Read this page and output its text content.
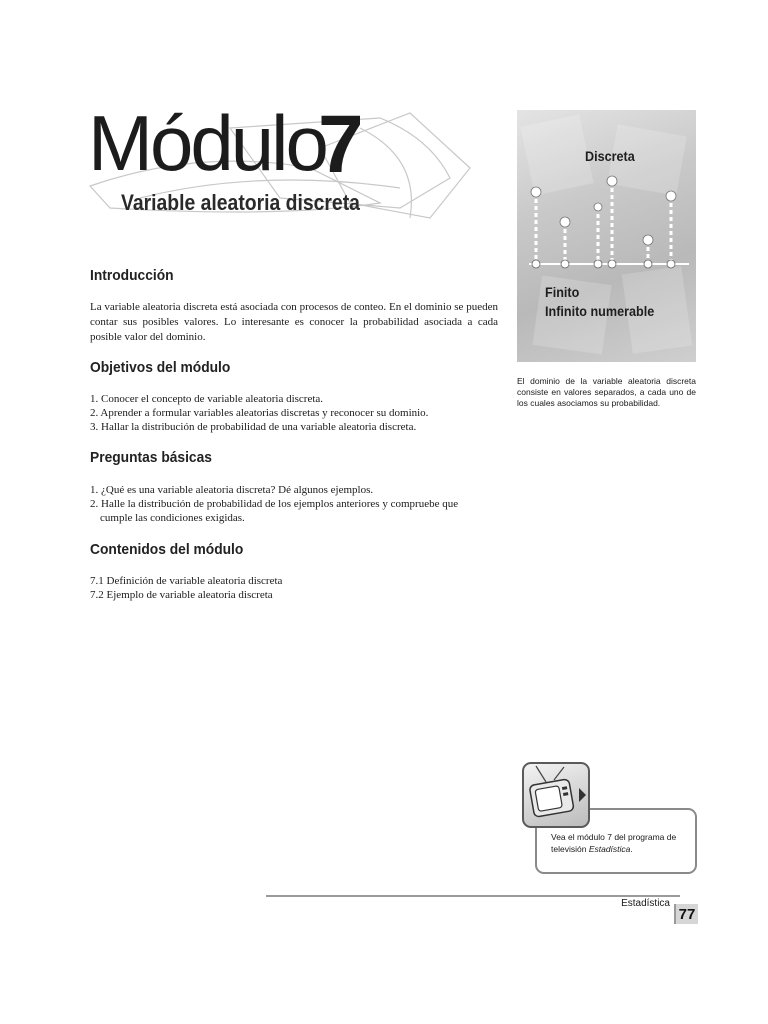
Módulo
7
Variable aleatoria discreta
Introducción
La variable aleatoria discreta está asociada con procesos de conteo. En el dominio se pueden contar sus posibles valores. Lo interesante es conocer la probabilidad asociada a cada posible valor del dominio.
Objetivos del módulo
1. Conocer el concepto de variable aleatoria discreta.
2. Aprender a formular variables aleatorias discretas y reconocer su dominio.
3. Hallar la distribución de probabilidad de una variable aleatoria discreta.
Preguntas básicas
1. ¿Qué es una variable aleatoria discreta? Dé algunos ejemplos.
2. Halle la distribución de probabilidad de los ejemplos anteriores y compruebe que
cumple las condiciones exigidas.
Contenidos del módulo
7.1 Definición de variable aleatoria discreta
7.2 Ejemplo de variable aleatoria discreta
Discreta
Finito
Infinito numerable
El dominio de la variable aleatoria discreta consiste en valores separados, a cada uno de los cuales asociamos su probabilidad.
Vea el módulo 7 del programa de televisión Estadística.
Estadística
77
